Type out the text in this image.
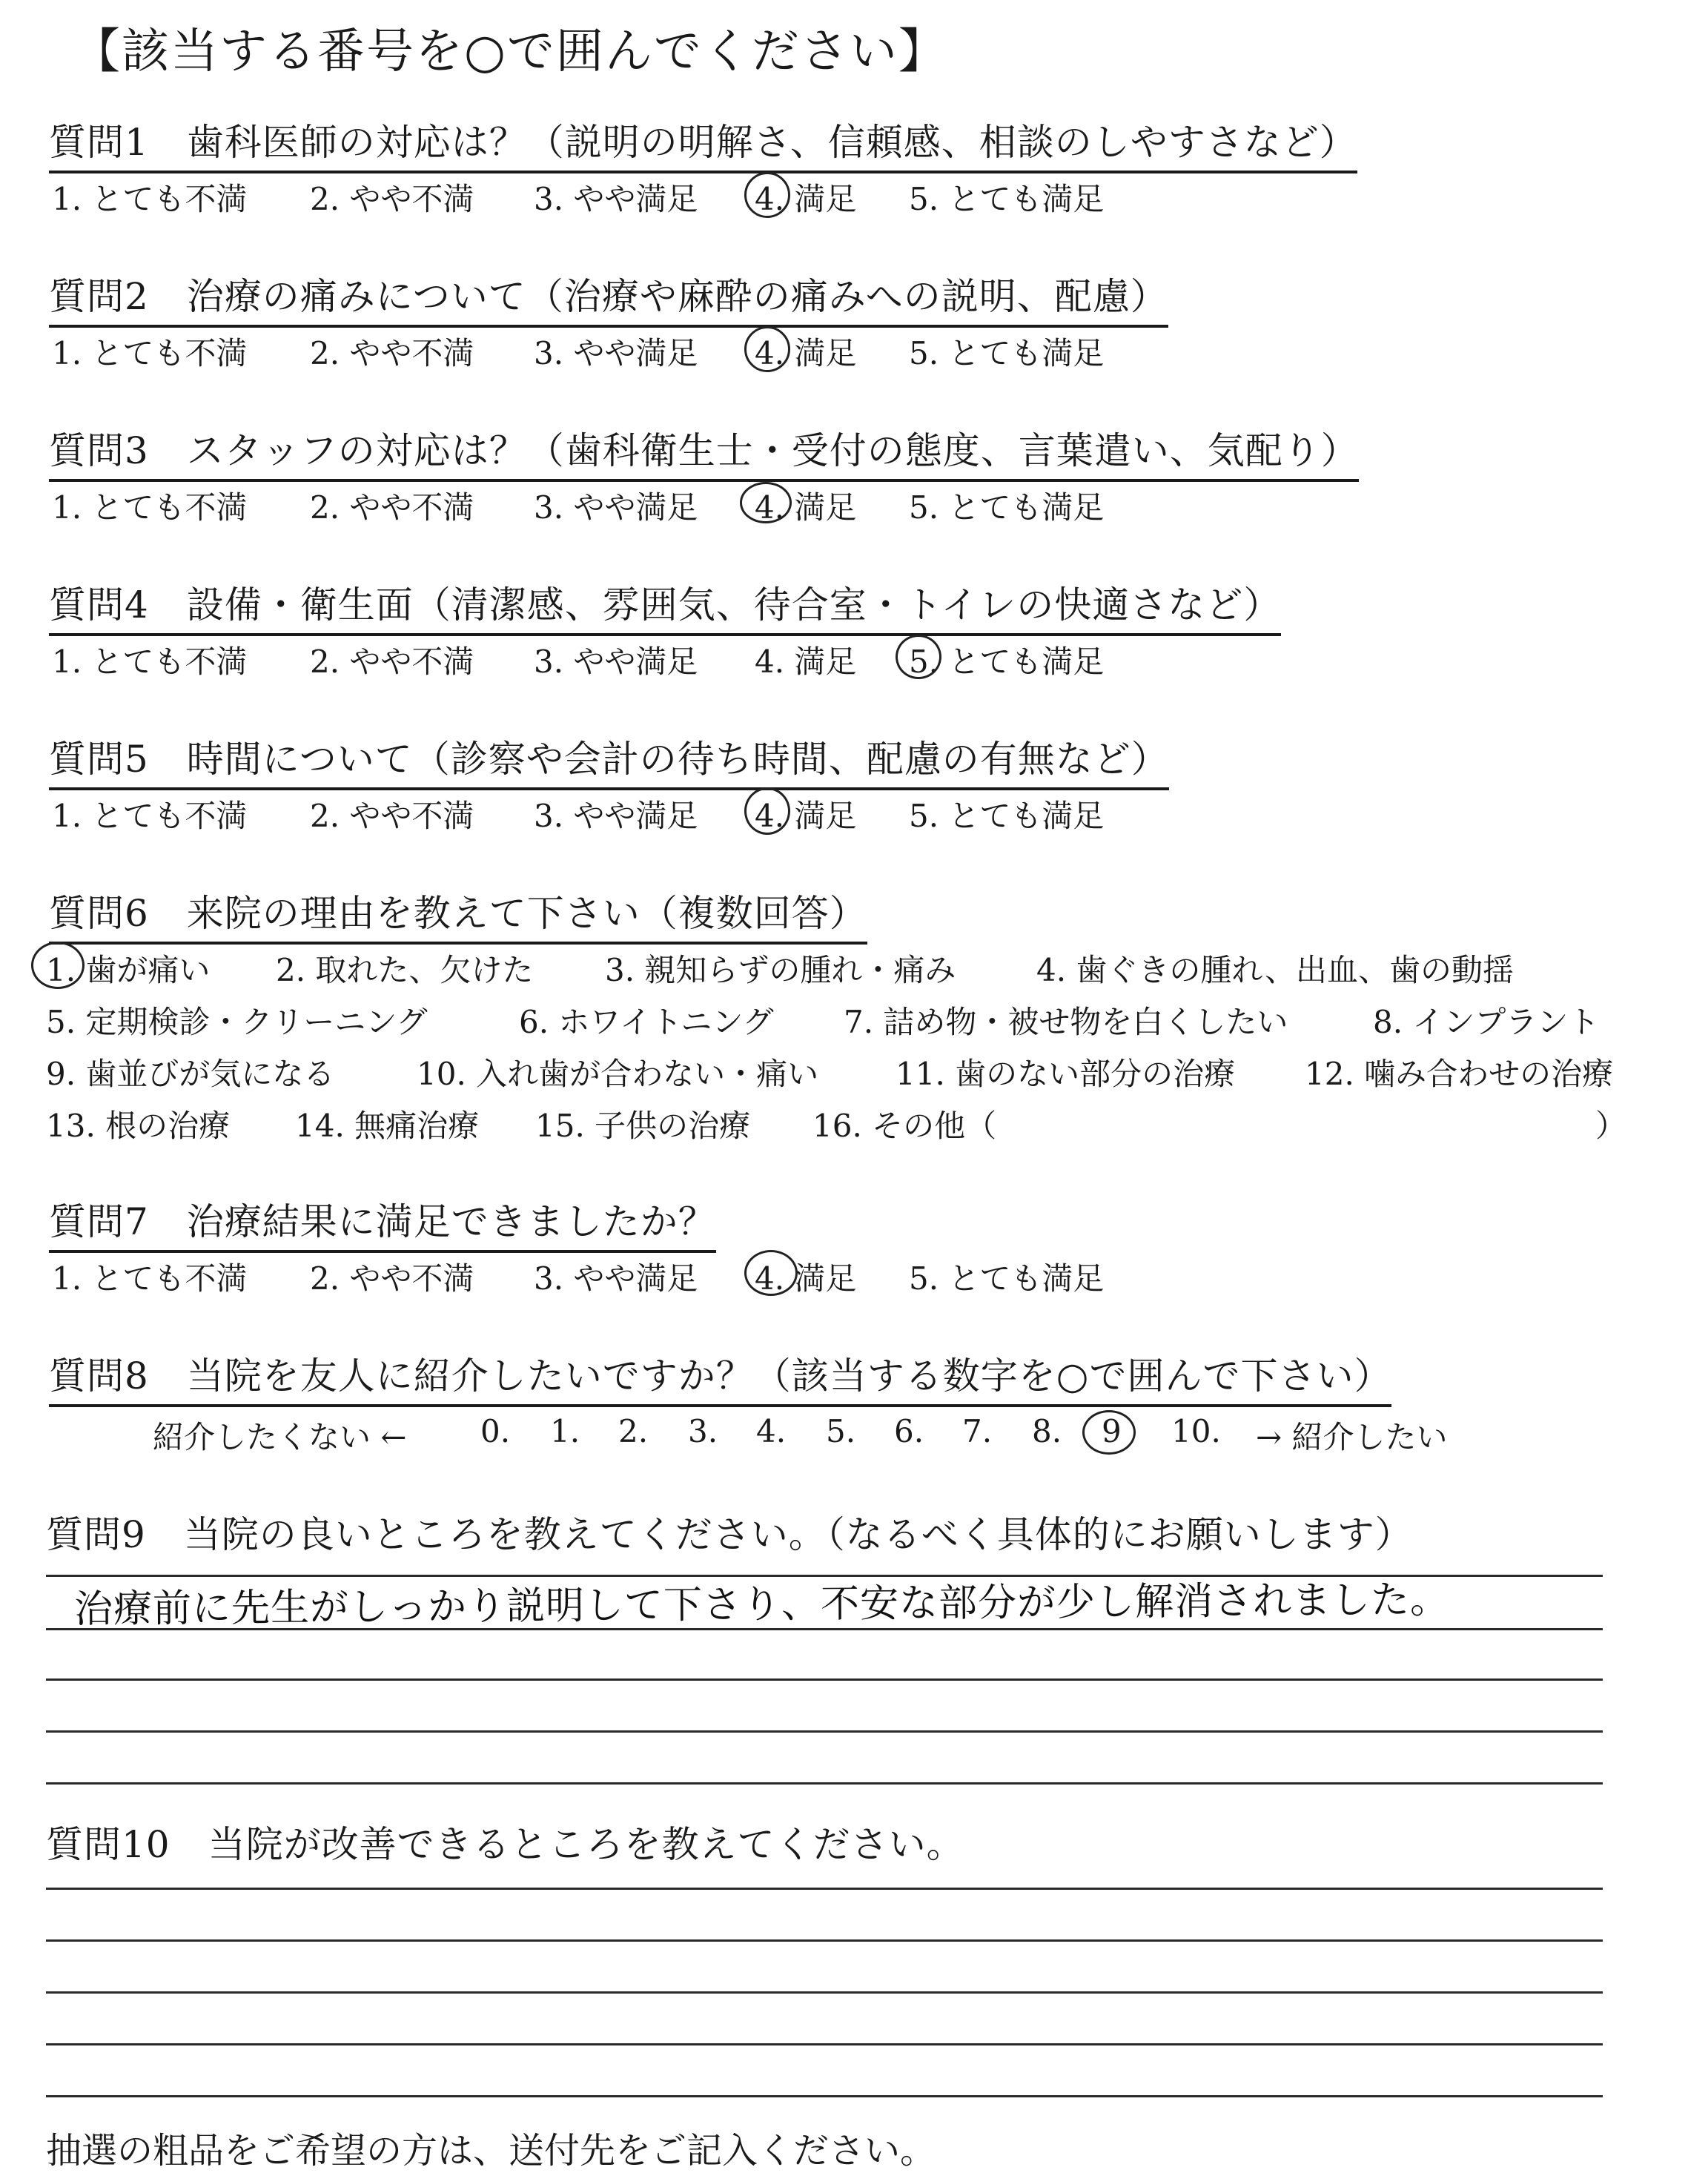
【該当する番号を○で囲んでください】
質問1　歯科医師の対応は？（説明の明解さ、信頼感、相談のしやすさなど）
1. とても不満 2. やや不満 3. やや満足 4. 満足 5. とても満足
質問2　治療の痛みについて（治療や麻酔の痛みへの説明、配慮）
1. とても不満 2. やや不満 3. やや満足 4. 満足 5. とても満足
質問3　スタッフの対応は？（歯科衛生士・受付の態度、言葉遣い、気配り）
1. とても不満 2. やや不満 3. やや満足 4. 満足 5. とても満足
質問4　設備・衛生面（清潔感、雰囲気、待合室・トイレの快適さなど）
1. とても不満 2. やや不満 3. やや満足 4. 満足 5. とても満足
質問5　時間について（診察や会計の待ち時間、配慮の有無など）
1. とても不満 2. やや不満 3. やや満足 4. 満足 5. とても満足
質問6　来院の理由を教えて下さい（複数回答）
1. 歯が痛い 2. 取れた、欠けた 3. 親知らずの腫れ・痛み	4. 歯ぐきの腫れ、出血、歯の動揺
5. 定期検診・クリーニング	6. ホワイトニング 7. 詰め物・被せ物を白くしたい	8. インプラント
9. 歯並びが気になる	10. 入れ歯が合わない・痛い 11. 歯のない部分の治療 12. 噛み合わせの治療
13. 根の治療 14. 無痛治療 15. 子供の治療 16. その他（	）
質問7　治療結果に満足できましたか？
1. とても不満 2. やや不満 3. やや満足 4. 満足 5. とても満足
質問8　当院を友人に紹介したいですか？（該当する数字を○で囲んで下さい）
紹介したくない ← 0. 1. 2. 3. 4. 5. 6. 7. 8. 9 10. → 紹介したい
質問9　当院の良いところを教えてください。（なるべく具体的にお願いします）
治療前に先生がしっかり説明して下さり、不安な部分が少し解消されました。
質問10　当院が改善できるところを教えてください。
抽選の粗品をご希望の方は、送付先をご記入ください。
